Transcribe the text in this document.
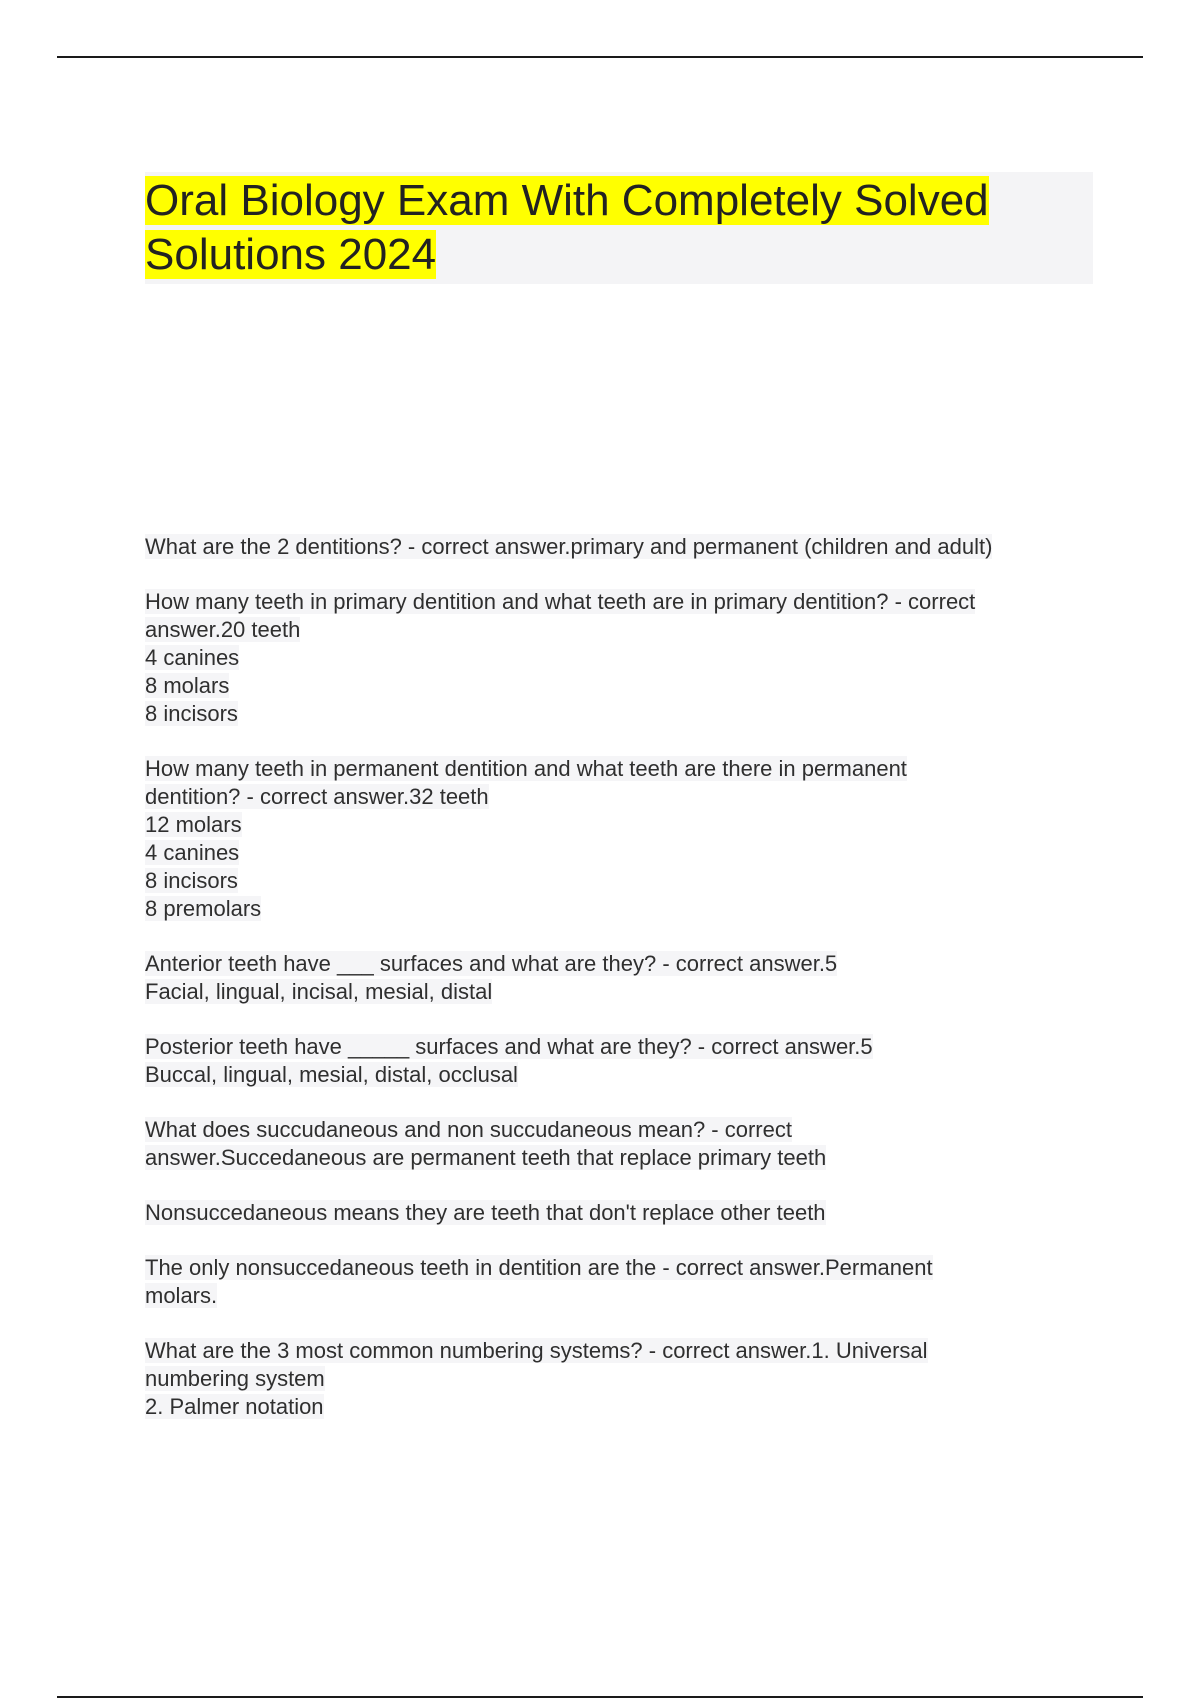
Oral Biology Exam With Completely Solved Solutions 2024

What are the 2 dentitions? - correct answer.primary and permanent (children and adult)

How many teeth in primary dentition and what teeth are in primary dentition? - correct

answer.20 teeth

4 canines

8 molars

8 incisors

How many teeth in permanent dentition and what teeth are there in permanent

dentition? - correct answer.32 teeth

12 molars

4 canines

8 incisors

8 premolars

Anterior teeth have ___ surfaces and what are they? - correct answer.5

Facial, lingual, incisal, mesial, distal

Posterior teeth have _____ surfaces and what are they? - correct answer.5

Buccal, lingual, mesial, distal, occlusal

What does succudaneous and non succudaneous mean? - correct

answer.Succedaneous are permanent teeth that replace primary teeth

Nonsuccedaneous means they are teeth that don't replace other teeth

The only nonsuccedaneous teeth in dentition are the - correct answer.Permanent

molars.

What are the 3 most common numbering systems? - correct answer.1. Universal

numbering system

2. Palmer notation
